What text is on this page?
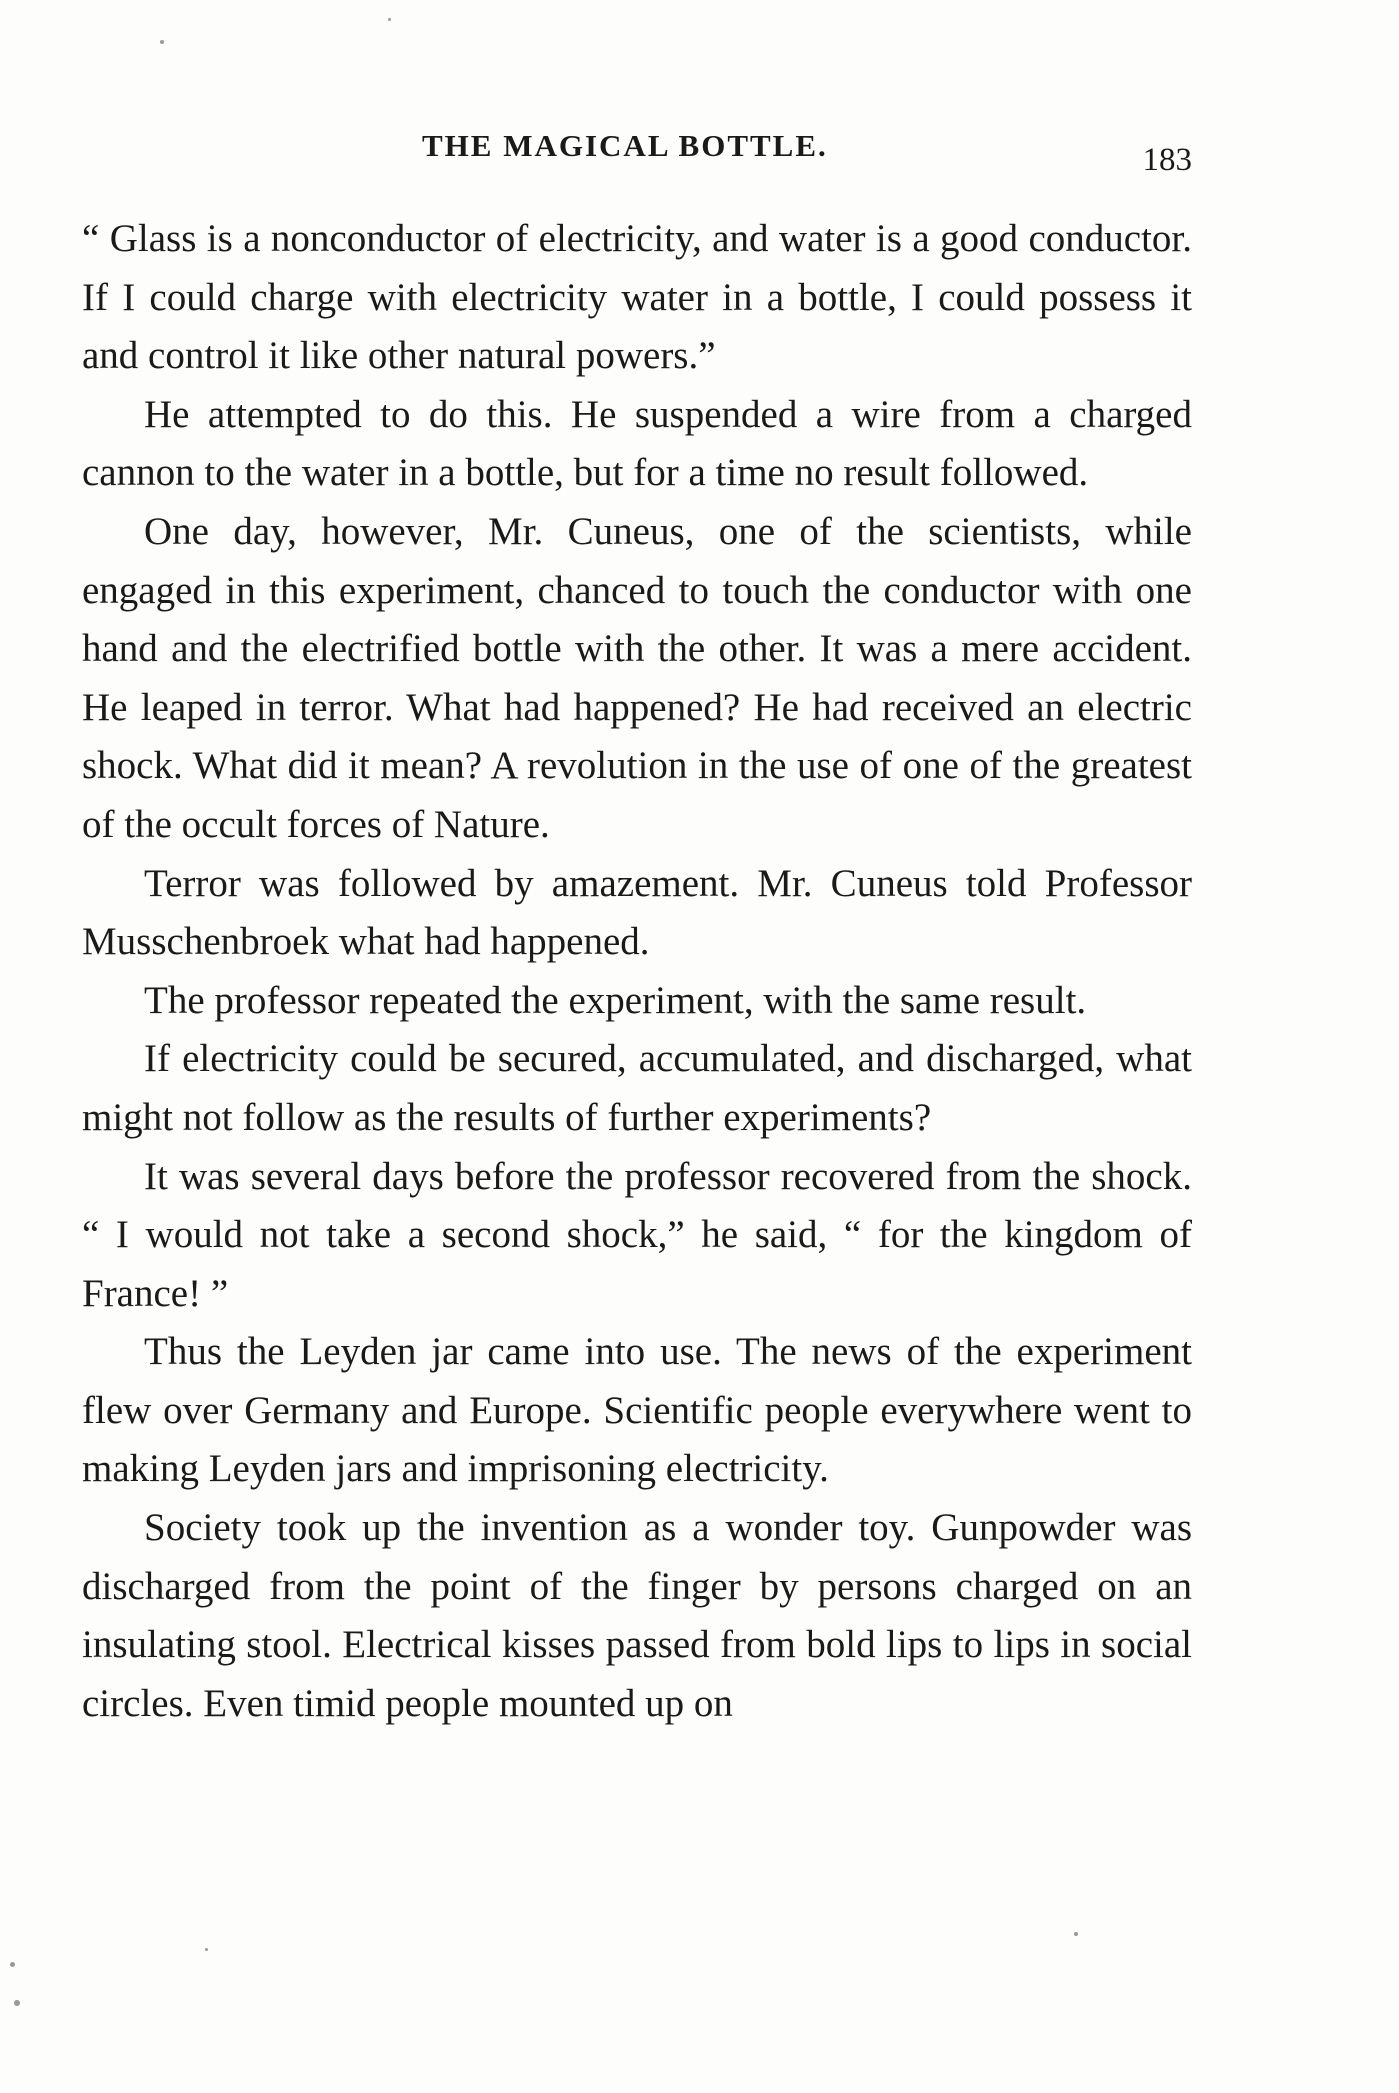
THE MAGICAL BOTTLE.	183

“ Glass is a nonconductor of electricity, and water is a good conductor. If I could charge with electricity water in a bottle, I could possess it and control it like other natural powers.”

He attempted to do this. He suspended a wire from a charged cannon to the water in a bottle, but for a time no result followed.

One day, however, Mr. Cuneus, one of the scientists, while engaged in this experiment, chanced to touch the conductor with one hand and the electrified bottle with the other. It was a mere accident. He leaped in terror. What had happened? He had received an electric shock. What did it mean? A revolution in the use of one of the greatest of the occult forces of Nature.

Terror was followed by amazement. Mr. Cuneus told Professor Musschenbroek what had happened.

The professor repeated the experiment, with the same result.

If electricity could be secured, accumulated, and discharged, what might not follow as the results of further experiments?

It was several days before the professor recovered from the shock. “ I would not take a second shock,” he said, “ for the kingdom of France! ”

Thus the Leyden jar came into use. The news of the experiment flew over Germany and Europe. Scientific people everywhere went to making Leyden jars and imprisoning electricity.

Society took up the invention as a wonder toy. Gunpowder was discharged from the point of the finger by persons charged on an insulating stool. Electrical kisses passed from bold lips to lips in social circles. Even timid people mounted up on
